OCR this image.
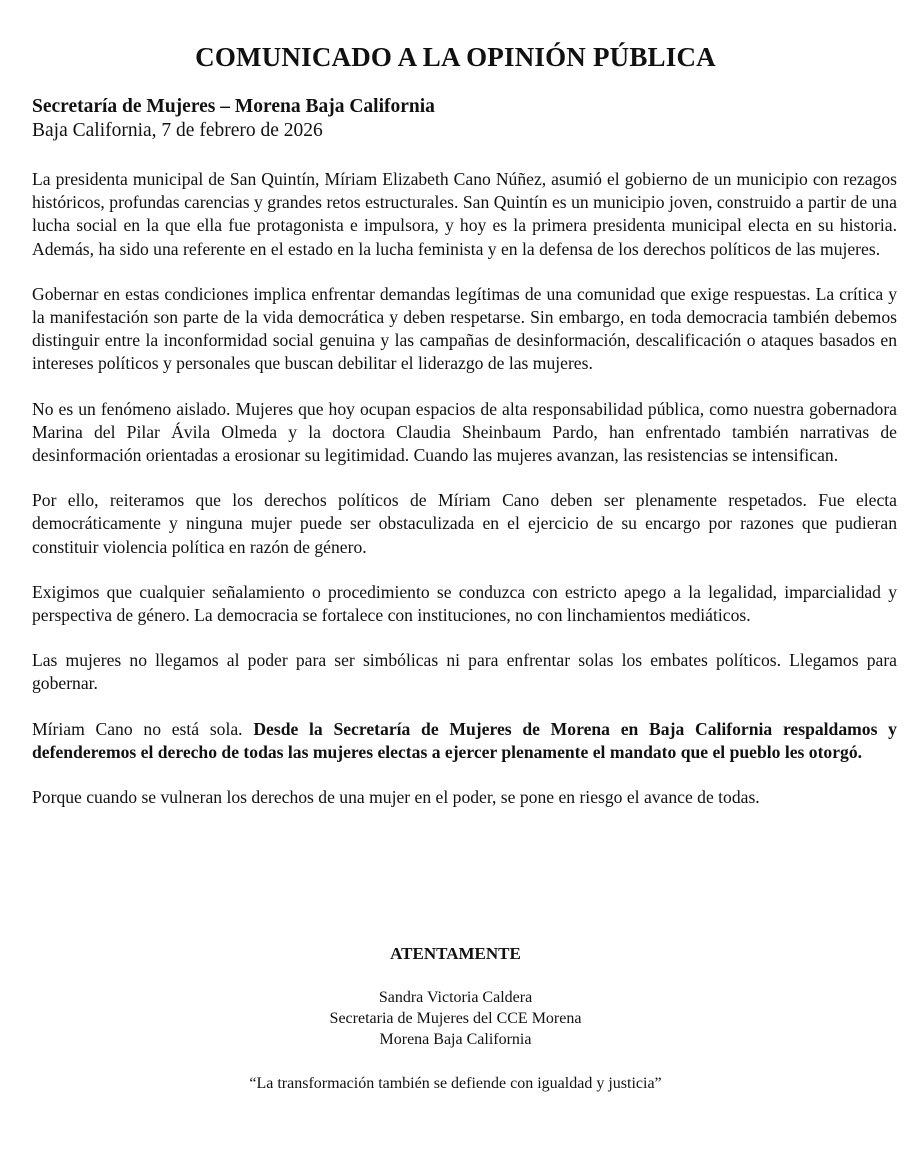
COMUNICADO A LA OPINIÓN PÚBLICA
Secretaría de Mujeres – Morena Baja California
Baja California, 7 de febrero de 2026

La presidenta municipal de San Quintín, Míriam Elizabeth Cano Núñez, asumió el gobierno de un municipio con rezagos históricos, profundas carencias y grandes retos estructurales. San Quintín es un municipio joven, construido a partir de una lucha social en la que ella fue protagonista e impulsora, y hoy es la primera presidenta municipal electa en su historia. Además, ha sido una referente en el estado en la lucha feminista y en la defensa de los derechos políticos de las mujeres.

Gobernar en estas condiciones implica enfrentar demandas legítimas de una comunidad que exige respuestas. La crítica y la manifestación son parte de la vida democrática y deben respetarse. Sin embargo, en toda democracia también debemos distinguir entre la inconformidad social genuina y las campañas de desinformación, descalificación o ataques basados en intereses políticos y personales que buscan debilitar el liderazgo de las mujeres.

No es un fenómeno aislado. Mujeres que hoy ocupan espacios de alta responsabilidad pública, como nuestra gobernadora Marina del Pilar Ávila Olmeda y la doctora Claudia Sheinbaum Pardo, han enfrentado también narrativas de desinformación orientadas a erosionar su legitimidad. Cuando las mujeres avanzan, las resistencias se intensifican.

Por ello, reiteramos que los derechos políticos de Míriam Cano deben ser plenamente respetados. Fue electa democráticamente y ninguna mujer puede ser obstaculizada en el ejercicio de su encargo por razones que pudieran constituir violencia política en razón de género.

Exigimos que cualquier señalamiento o procedimiento se conduzca con estricto apego a la legalidad, imparcialidad y perspectiva de género. La democracia se fortalece con instituciones, no con linchamientos mediáticos.

Las mujeres no llegamos al poder para ser simbólicas ni para enfrentar solas los embates políticos. Llegamos para gobernar.

Míriam Cano no está sola. Desde la Secretaría de Mujeres de Morena en Baja California respaldamos y defenderemos el derecho de todas las mujeres electas a ejercer plenamente el mandato que el pueblo les otorgó.

Porque cuando se vulneran los derechos de una mujer en el poder, se pone en riesgo el avance de todas.

ATENTAMENTE
Sandra Victoria Caldera
Secretaria de Mujeres del CCE Morena
Morena Baja California
“La transformación también se defiende con igualdad y justicia”
